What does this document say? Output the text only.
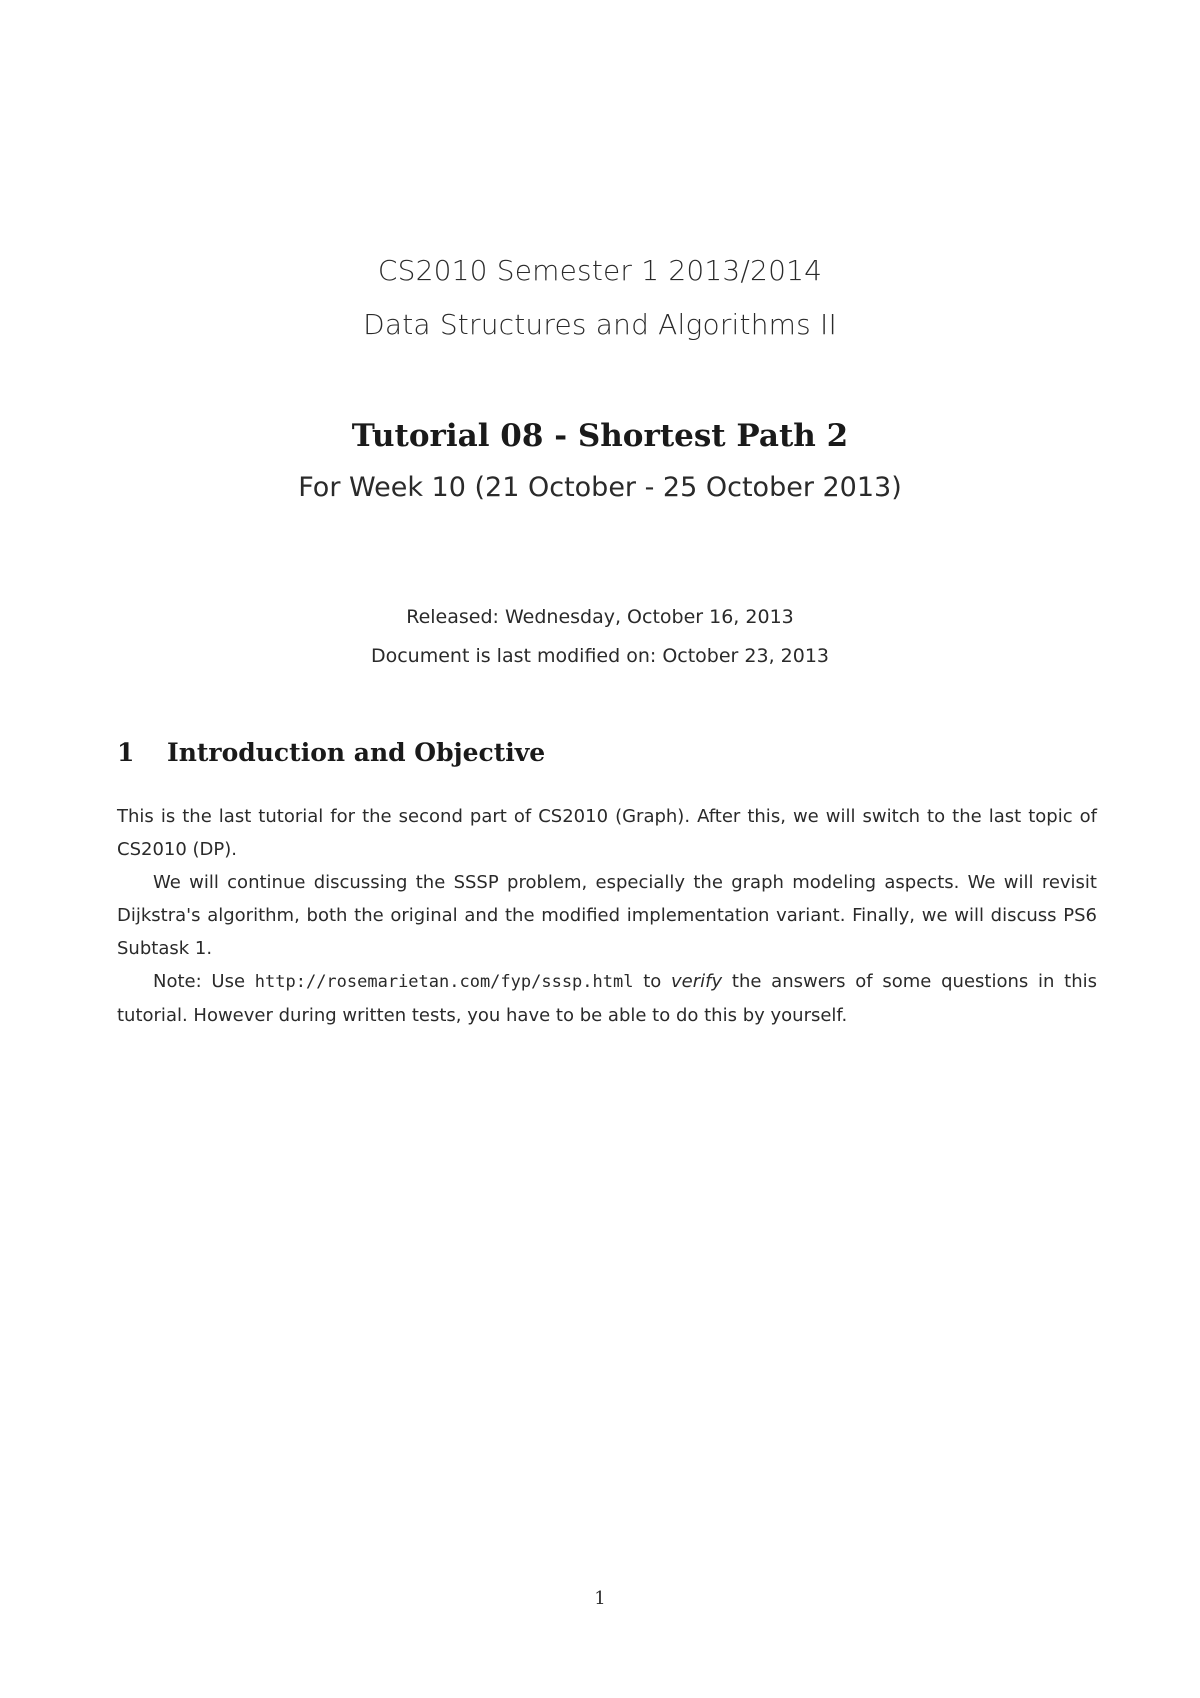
CS2010 Semester 1 2013/2014
Data Structures and Algorithms II
Tutorial 08 - Shortest Path 2
For Week 10 (21 October - 25 October 2013)
Released: Wednesday, October 16, 2013
Document is last modified on: October 23, 2013
1 Introduction and Objective

This is the last tutorial for the second part of CS2010 (Graph). After this, we will switch to the last topic of CS2010 (DP).

We will continue discussing the SSSP problem, especially the graph modeling aspects. We will revisit Dijkstra's algorithm, both the original and the modified implementation variant. Finally, we will discuss PS6 Subtask 1.

Note: Use http://rosemarietan.com/fyp/sssp.html to verify the answers of some questions in this tutorial. However during written tests, you have to be able to do this by yourself.

1
